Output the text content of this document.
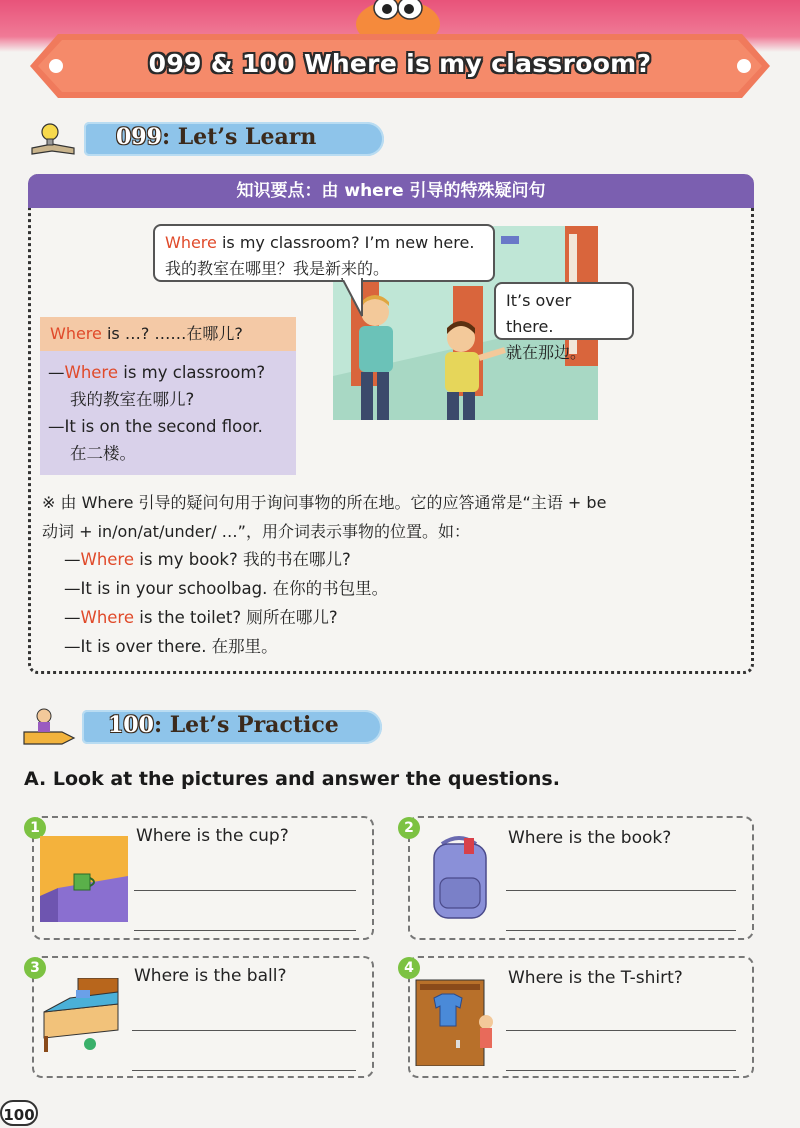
099 & 100 Where is my classroom?
099: Let’s Learn
知识要点：由 where 引导的特殊疑问句
Where is my classroom? I’m new here.
我的教室在哪里？我是新来的。
It’s over there.
就在那边。
Where is …? ……在哪儿?
—Where is my classroom?
我的教室在哪儿?
—It is on the second floor.
在二楼。
※ 由 Where 引导的疑问句用于询问事物的所在地。它的应答通常是“主语 + be
动词 + in/on/at/under/ …”，用介词表示事物的位置。如：
—Where is my book? 我的书在哪儿?
—It is in your schoolbag. 在你的书包里。
—Where is the toilet? 厕所在哪儿?
—It is over there. 在那里。
100: Let’s Practice
A. Look at the pictures and answer the questions.
1	Where is the cup?	2	Where is the book?
3	Where is the ball?	4	Where is the T-shirt?
100
